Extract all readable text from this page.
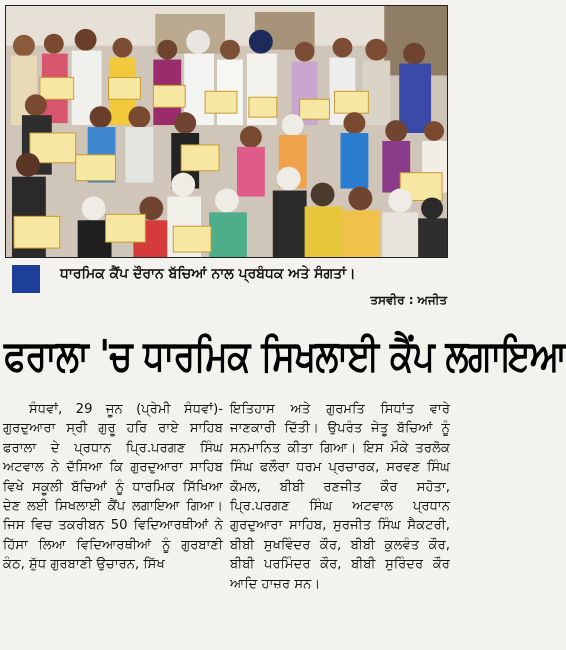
ਧਾਰਮਿਕ ਕੈਂਪ ਦੌਰਾਨ ਬੱਚਿਆਂ ਨਾਲ ਪ੍ਰਬੰਧਕ ਅਤੇ ਸੰਗਤਾਂ।
ਤਸਵੀਰ : ਅਜੀਤ
ਫਰਾਲਾ 'ਚ ਧਾਰਮਿਕ ਸਿਖਲਾਈ ਕੈਂਪ ਲਗਾਇਆ

ਸੰਧਵਾਂ, 29 ਜੂਨ (ਪ੍ਰੇਮੀ ਸੰਧਵਾਂ)- ਗੁਰਦੁਆਰਾ ਸ੍ਰੀ ਗੁਰੂ ਹਰਿ ਰਾਏ ਸਾਹਿਬ ਫਰਾਲਾ ਦੇ ਪ੍ਰਧਾਨ ਪ੍ਰਿ.ਪਰਗਣ ਸਿੰਘ ਅਟਵਾਲ ਨੇ ਦੱਸਿਆ ਕਿ ਗੁਰਦੁਆਰਾ ਸਾਹਿਬ ਵਿਖੇ ਸਕੂਲੀ ਬੱਚਿਆਂ ਨੂੰ ਧਾਰਮਿਕ ਸਿੱਖਿਆ ਦੇਣ ਲਈ ਸਿਖਲਾਈ ਕੈਂਪ ਲਗਾਇਆ ਗਿਆ। ਜਿਸ ਵਿਚ ਤਕਰੀਬਨ 50 ਵਿਦਿਆਰਥੀਆਂ ਨੇ ਹਿੱਸਾ ਲਿਆ ਵਿਦਿਆਰਥੀਆਂ ਨੂੰ ਗੁਰਬਾਣੀ ਕੰਠ, ਸ਼ੁੱਧ ਗੁਰਬਾਣੀ ਉਚਾਰਨ, ਸਿੱਖ

ਇਤਿਹਾਸ ਅਤੇ ਗੁਰਮਤਿ ਸਿਧਾਂਤ ਵਾਰੇ ਜਾਣਕਾਰੀ ਦਿੱਤੀ। ਉਪਰੰਤ ਜੇਤੂ ਬੱਚਿਆਂ ਨੂੰ ਸਨਮਾਨਿਤ ਕੀਤਾ ਗਿਆ। ਇਸ ਮੌਕੇ ਤਰਲੋਕ ਸਿੰਘ ਫਲੌਰਾ ਧਰਮ ਪ੍ਰਚਾਰਕ, ਸਰਵਣ ਸਿੰਘ ਕੋਮਲ, ਬੀਬੀ ਰਣਜੀਤ ਕੌਰ ਸਹੋਤਾ, ਪ੍ਰਿ.ਪਰਗਣ ਸਿੰਘ ਅਟਵਾਲ ਪ੍ਰਧਾਨ ਗੁਰਦੁਆਰਾ ਸਾਹਿਬ, ਸੁਰਜੀਤ ਸਿੰਘ ਸੈਕਟਰੀ, ਬੀਬੀ ਸੁਖਵਿੰਦਰ ਕੌਰ, ਬੀਬੀ ਕੁਲਵੰਤ ਕੌਰ, ਬੀਬੀ ਪਰਮਿੰਦਰ ਕੌਰ, ਬੀਬੀ ਸੁਰਿੰਦਰ ਕੌਰ ਆਦਿ ਹਾਜ਼ਰ ਸਨ।
